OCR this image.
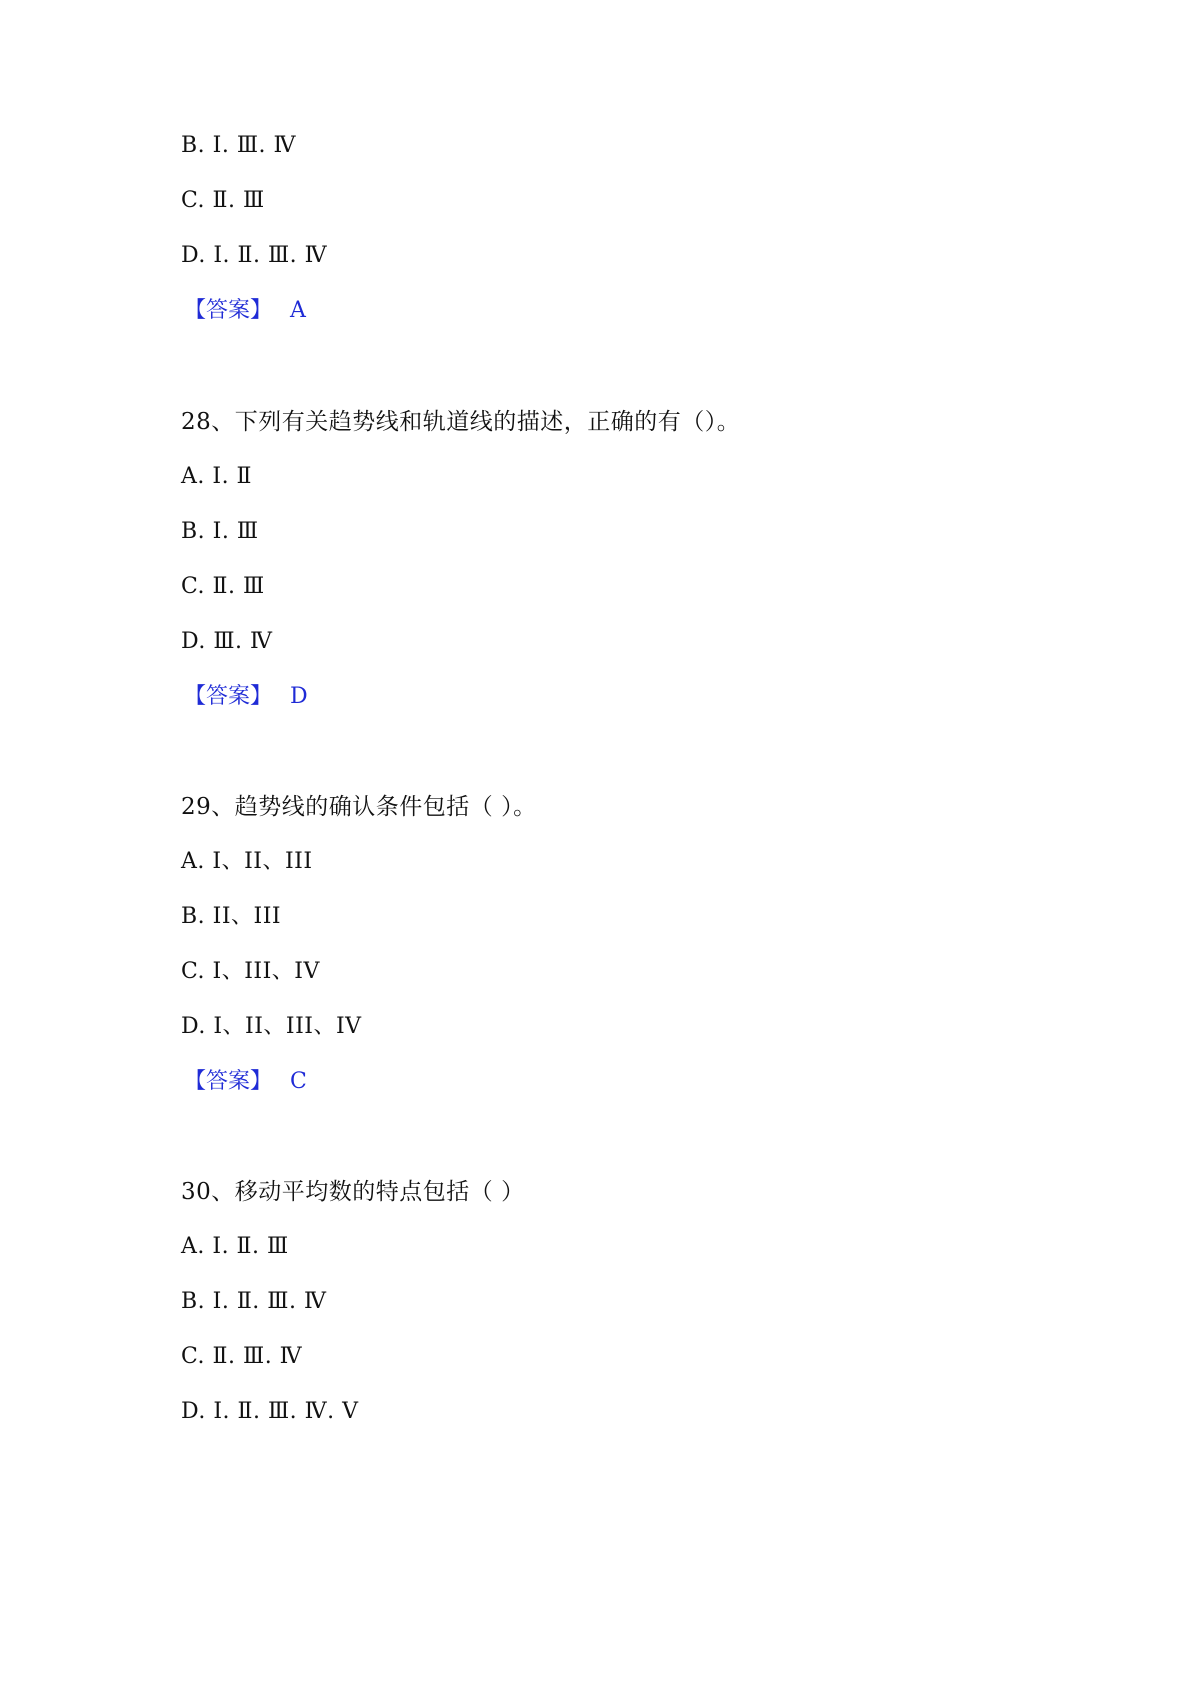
B. Ⅰ. Ⅲ. Ⅳ
C. Ⅱ. Ⅲ
D. Ⅰ. Ⅱ. Ⅲ. Ⅳ
【答案】 A
28、下列有关趋势线和轨道线的描述，正确的有（）。
A. Ⅰ. Ⅱ
B. Ⅰ. Ⅲ
C. Ⅱ. Ⅲ
D. Ⅲ. Ⅳ
【答案】 D
29、趋势线的确认条件包括（ ）。
A. I、II、III
B. II、III
C. I、III、IV
D. I、II、III、IV
【答案】 C
30、移动平均数的特点包括（ ）
A. Ⅰ. Ⅱ. Ⅲ
B. Ⅰ. Ⅱ. Ⅲ. Ⅳ
C. Ⅱ. Ⅲ. Ⅳ
D. Ⅰ. Ⅱ. Ⅲ. Ⅳ. Ⅴ
